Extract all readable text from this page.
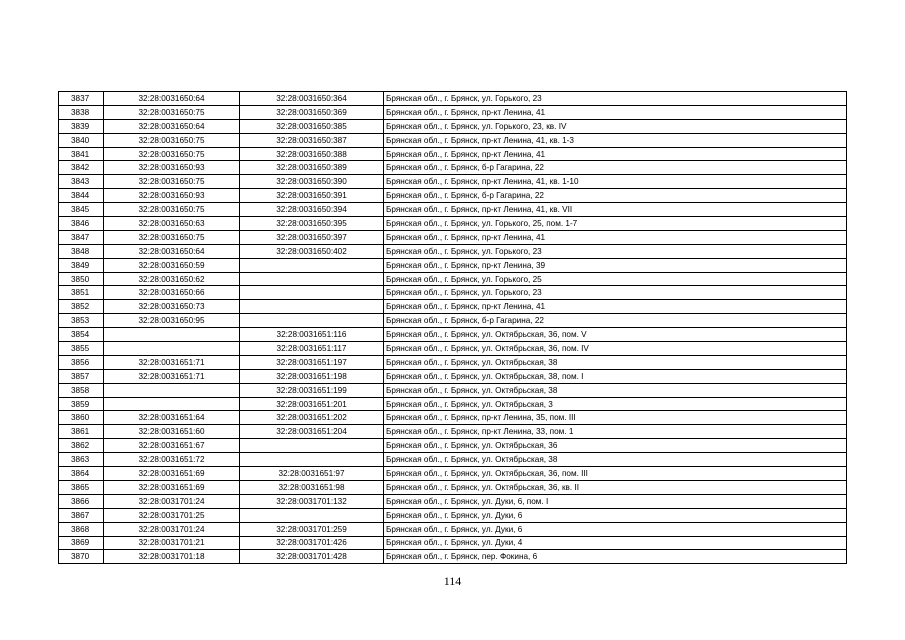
3837	32:28:0031650:64	32:28:0031650:364	Брянская обл., г. Брянск, ул. Горького, 23
3838	32:28:0031650:75	32:28:0031650:369	Брянская обл., г. Брянск, пр-кт Ленина, 41
3839	32:28:0031650:64	32:28:0031650:385	Брянская обл., г. Брянск, ул. Горького, 23, кв. IV
3840	32:28:0031650:75	32:28:0031650:387	Брянская обл., г. Брянск, пр-кт Ленина, 41, кв. 1-3
3841	32:28:0031650:75	32:28:0031650:388	Брянская обл., г. Брянск, пр-кт Ленина, 41
3842	32:28:0031650:93	32:28:0031650:389	Брянская обл., г. Брянск, б-р Гагарина, 22
3843	32:28:0031650:75	32:28:0031650:390	Брянская обл., г. Брянск, пр-кт Ленина, 41, кв. 1-10
3844	32:28:0031650:93	32:28:0031650:391	Брянская обл., г. Брянск, б-р Гагарина, 22
3845	32:28:0031650:75	32:28:0031650:394	Брянская обл., г. Брянск, пр-кт Ленина, 41, кв. VII
3846	32:28:0031650:63	32:28:0031650:395	Брянская обл., г. Брянск, ул. Горького, 25, пом. 1-7
3847	32:28:0031650:75	32:28:0031650:397	Брянская обл., г. Брянск, пр-кт Ленина, 41
3848	32:28:0031650:64	32:28:0031650:402	Брянская обл., г. Брянск, ул. Горького, 23
3849	32:28:0031650:59		Брянская обл., г. Брянск, пр-кт Ленина, 39
3850	32:28:0031650:62		Брянская обл., г. Брянск, ул. Горького, 25
3851	32:28:0031650:66		Брянская обл., г. Брянск, ул. Горького, 23
3852	32:28:0031650:73		Брянская обл., г. Брянск, пр-кт Ленина, 41
3853	32:28:0031650:95		Брянская обл., г. Брянск, б-р Гагарина, 22
3854		32:28:0031651:116	Брянская обл., г. Брянск, ул. Октябрьская, 36, пом. V
3855		32:28:0031651:117	Брянская обл., г. Брянск, ул. Октябрьская, 36, пом. IV
3856	32:28:0031651:71	32:28:0031651:197	Брянская обл., г. Брянск, ул. Октябрьская, 38
3857	32:28:0031651:71	32:28:0031651:198	Брянская обл., г. Брянск, ул. Октябрьская, 38, пом. I
3858		32:28:0031651:199	Брянская обл., г. Брянск, ул. Октябрьская, 38
3859		32:28:0031651:201	Брянская обл., г. Брянск, ул. Октябрьская, 3
3860	32:28:0031651:64	32:28:0031651:202	Брянская обл., г. Брянск, пр-кт Ленина, 35, пом. III
3861	32:28:0031651:60	32:28:0031651:204	Брянская обл., г. Брянск, пр-кт Ленина, 33, пом. 1
3862	32:28:0031651:67		Брянская обл., г. Брянск, ул. Октябрьская, 36
3863	32:28:0031651:72		Брянская обл., г. Брянск, ул. Октябрьская, 38
3864	32:28:0031651:69	32:28:0031651:97	Брянская обл., г. Брянск, ул. Октябрьская, 36, пом. III
3865	32:28:0031651:69	32:28:0031651:98	Брянская обл., г. Брянск, ул. Октябрьская, 36, кв. II
3866	32:28:0031701:24	32:28:0031701:132	Брянская обл., г. Брянск, ул. Дуки, 6, пом. I
3867	32:28:0031701:25		Брянская обл., г. Брянск, ул. Дуки, 6
3868	32:28:0031701:24	32:28:0031701:259	Брянская обл., г. Брянск, ул. Дуки, 6
3869	32:28:0031701:21	32:28:0031701:426	Брянская обл., г. Брянск, ул. Дуки, 4
3870	32:28:0031701:18	32:28:0031701:428	Брянская обл., г. Брянск, пер. Фокина, 6
114
